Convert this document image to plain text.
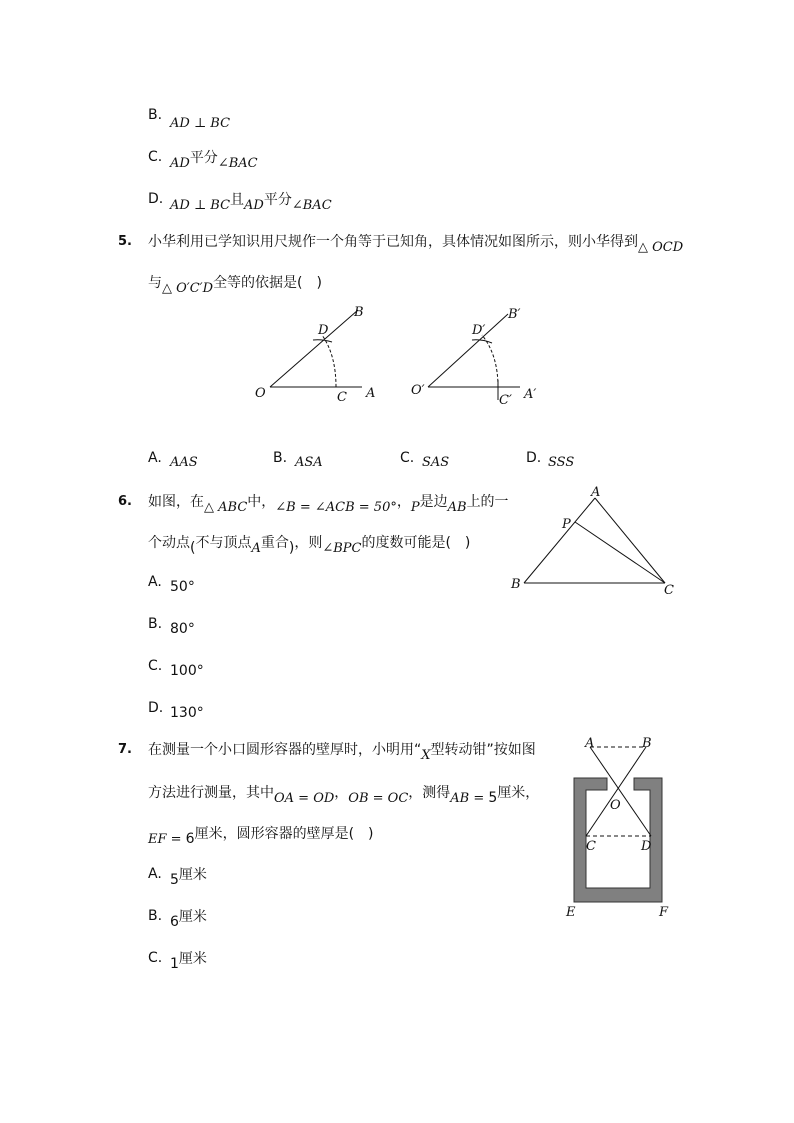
B.
AD ⊥ BC
C. $_{AD}$平分$_{\angle BAC}$
D. $_{AD \perp BC}$且$_{AD}$平分$_{\angle BAC}$
5. 小华利用已学知识用尺规作一个角等于已知角，具体情况如图所示，则小华得到△ OCD
与△ O′C′D全等的依据是(　)
O	A
B
C
D
O′	A′
B′
C′
D′
A. AAS	B. ASA	C. SAS	D. SSS
6. 如图，在△ ABC中，∠B = ∠ACB = 50°，P是边AB上的一
个动点(不与顶点A重合)，则∠BPC的度数可能是(　)
A
B	C
P
A. 50°
B. 80°
C. 100°
D. 130°
7. 在测量一个小口圆形容器的壁厚时，小明用“X型转动钳”按如图
方法进行测量，其中OA = OD，OB = OC，测得AB = 5厘米，
EF = 6厘米，圆形容器的壁厚是(　)
A	B
O
C	D
E	F
A. 5厘米
B. 6厘米
C. 1厘米
